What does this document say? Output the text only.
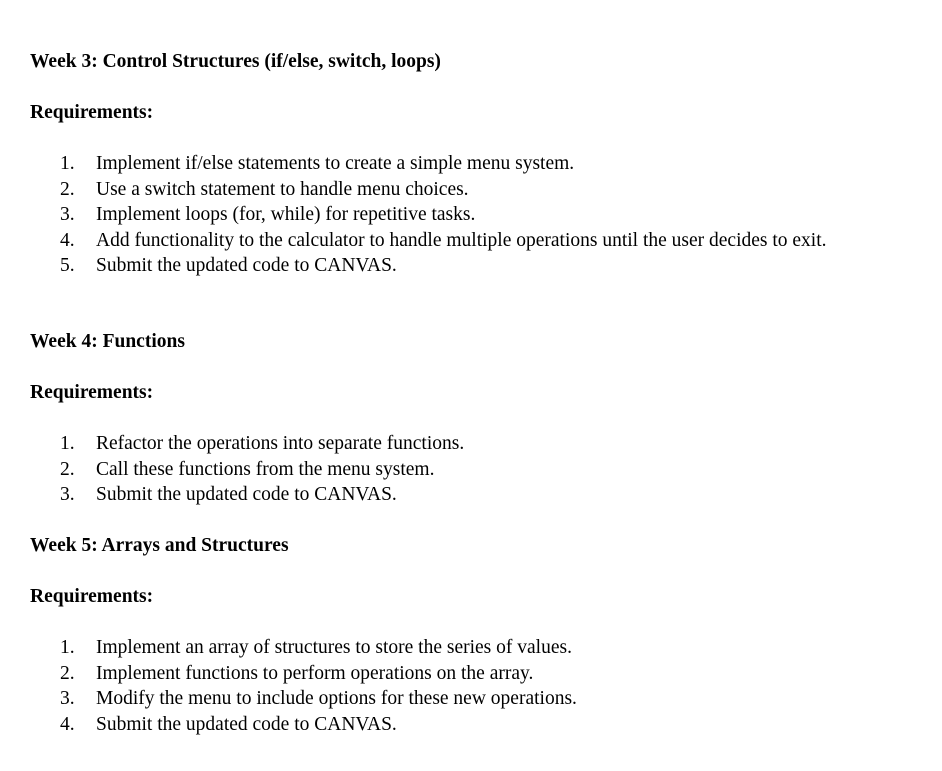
Week 3: Control Structures (if/else, switch, loops)
Requirements:
1.	Implement if/else statements to create a simple menu system.
2.	Use a switch statement to handle menu choices.
3.	Implement loops (for, while) for repetitive tasks.
4.	Add functionality to the calculator to handle multiple operations until the user decides to exit.
5.	Submit the updated code to CANVAS.
Week 4: Functions
Requirements:
1.	Refactor the operations into separate functions.
2.	Call these functions from the menu system.
3.	Submit the updated code to CANVAS.
Week 5: Arrays and Structures
Requirements:
1.	Implement an array of structures to store the series of values.
2.	Implement functions to perform operations on the array.
3.	Modify the menu to include options for these new operations.
4.	Submit the updated code to CANVAS.
